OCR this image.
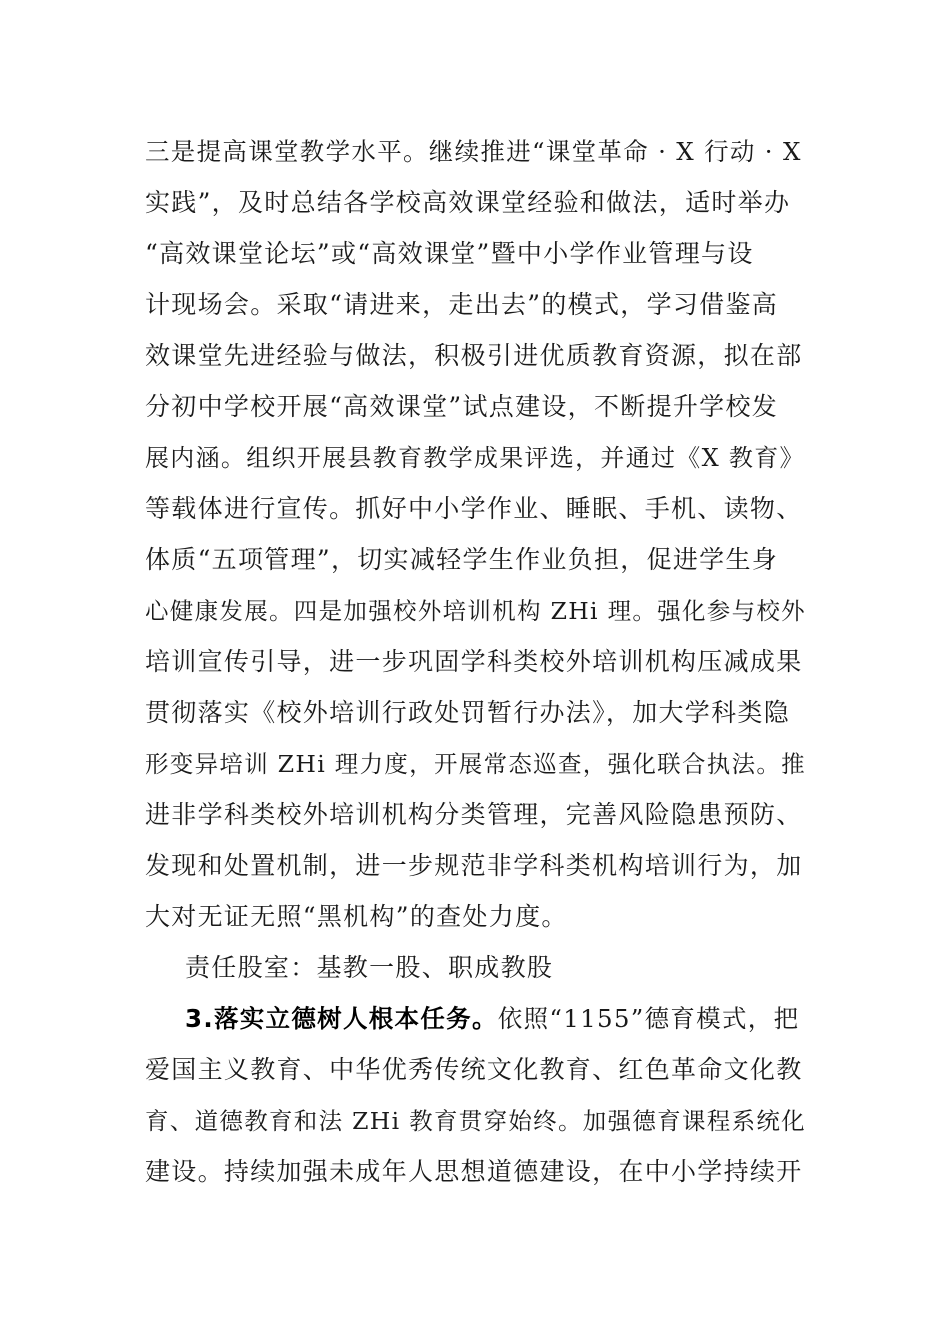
三是提高课堂教学水平。继续推进“课堂革命 · X 行动 · X
实践”，及时总结各学校高效课堂经验和做法，适时举办
“高效课堂论坛”或“高效课堂”暨中小学作业管理与设
计现场会。采取“请进来，走出去”的模式，学习借鉴高
效课堂先进经验与做法，积极引进优质教育资源，拟在部
分初中学校开展“高效课堂”试点建设，不断提升学校发
展内涵。组织开展县教育教学成果评选，并通过《X 教育》
等载体进行宣传。抓好中小学作业、睡眠、手机、读物、
体质“五项管理”，切实减轻学生作业负担，促进学生身
心健康发展。四是加强校外培训机构 ZHi 理。强化参与校外
培训宣传引导，进一步巩固学科类校外培训机构压减成果
贯彻落实《校外培训行政处罚暂行办法》，加大学科类隐
形变异培训 ZHi 理力度，开展常态巡查，强化联合执法。推
进非学科类校外培训机构分类管理，完善风险隐患预防、
发现和处置机制，进一步规范非学科类机构培训行为，加
大对无证无照“黑机构”的查处力度。
责任股室：基教一股、职成教股
3.落实立德树人根本任务。依照“1155”德育模式，把
爱国主义教育、中华优秀传统文化教育、红色革命文化教
育、道德教育和法 ZHi 教育贯穿始终。加强德育课程系统化
建设。持续加强未成年人思想道德建设，在中小学持续开
